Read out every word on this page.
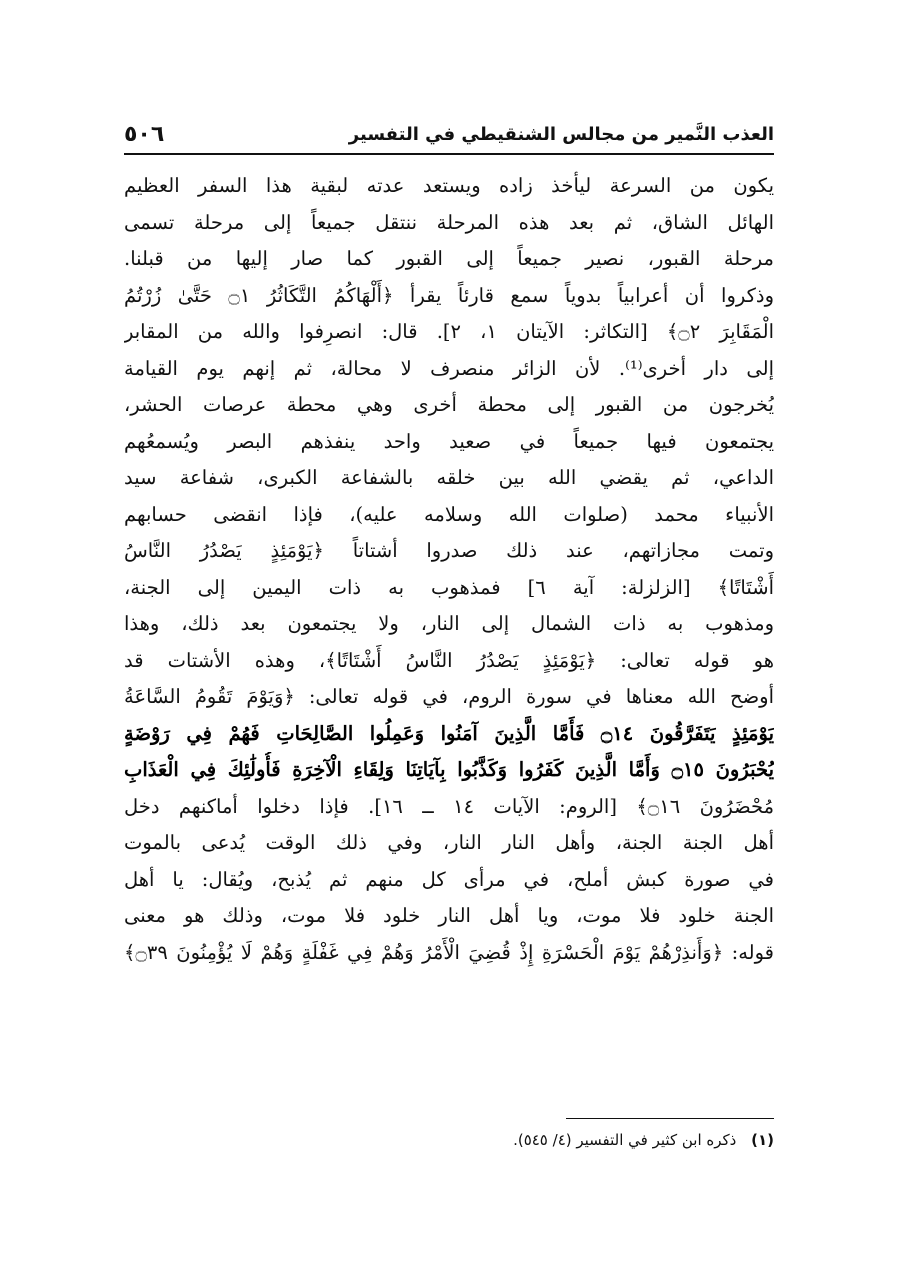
العذب النَّمير من مجالس الشنقيطي في التفسير
٥٠٦
يكون من السرعة ليأخذ زاده ويستعد عدته لبقية هذا السفر العظيم
الهائل الشاق، ثم بعد هذه المرحلة ننتقل جميعاً إلى مرحلة تسمى
مرحلة القبور، نصير جميعاً إلى القبور كما صار إليها من قبلنا.
وذكروا أن أعرابياً بدوياً سمع قارئاً يقرأ ﴿أَلْهَاكُمُ التَّكَاثُرُ ۝١ حَتَّىٰ زُرْتُمُ
الْمَقَابِرَ ۝٢﴾ [التكاثر: الآيتان ١، ٢]. قال: انصرِفوا والله من المقابر
إلى دار أخرى⁽¹⁾. لأن الزائر منصرف لا محالة، ثم إنهم يوم القيامة
يُخرجون من القبور إلى محطة أخرى وهي محطة عرصات الحشر،
يجتمعون فيها جميعاً في صعيد واحد ينفذهم البصر ويُسمعُهم
الداعي، ثم يقضي الله بين خلقه بالشفاعة الكبرى، شفاعة سيد
الأنبياء محمد (صلوات الله وسلامه عليه)، فإذا انقضى حسابهم
وتمت مجازاتهم، عند ذلك صدروا أشتاتاً ﴿يَوْمَئِذٍ يَصْدُرُ النَّاسُ
أَشْتَاتًا﴾ [الزلزلة: آية ٦] فمذهوب به ذات اليمين إلى الجنة،
ومذهوب به ذات الشمال إلى النار، ولا يجتمعون بعد ذلك، وهذا
هو قوله تعالى: ﴿يَوْمَئِذٍ يَصْدُرُ النَّاسُ أَشْتَاتًا﴾، وهذه الأشتات قد
أوضح الله معناها في سورة الروم، في قوله تعالى: ﴿وَيَوْمَ تَقُومُ السَّاعَةُ
يَوْمَئِذٍ يَتَفَرَّقُونَ ۝١٤ فَأَمَّا الَّذِينَ آمَنُوا وَعَمِلُوا الصَّالِحَاتِ فَهُمْ فِي رَوْضَةٍ
يُحْبَرُونَ ۝١٥ وَأَمَّا الَّذِينَ كَفَرُوا وَكَذَّبُوا بِآيَاتِنَا وَلِقَاءِ الْآخِرَةِ فَأُولَٰئِكَ فِي الْعَذَابِ
مُحْضَرُونَ ۝١٦﴾ [الروم: الآيات ١٤ ــ ١٦]. فإذا دخلوا أماكنهم دخل
أهل الجنة الجنة، وأهل النار النار، وفي ذلك الوقت يُدعى بالموت
في صورة كبش أملح، في مرأى كل منهم ثم يُذبح، ويُقال: يا أهل
الجنة خلود فلا موت، ويا أهل النار خلود فلا موت، وذلك هو معنى
قوله: ﴿وَأَنذِرْهُمْ يَوْمَ الْحَسْرَةِ إِذْ قُضِيَ الْأَمْرُ وَهُمْ فِي غَفْلَةٍ وَهُمْ لَا يُؤْمِنُونَ ۝٣٩﴾
(١) ذكره ابن كثير في التفسير (٤/ ٥٤٥).
